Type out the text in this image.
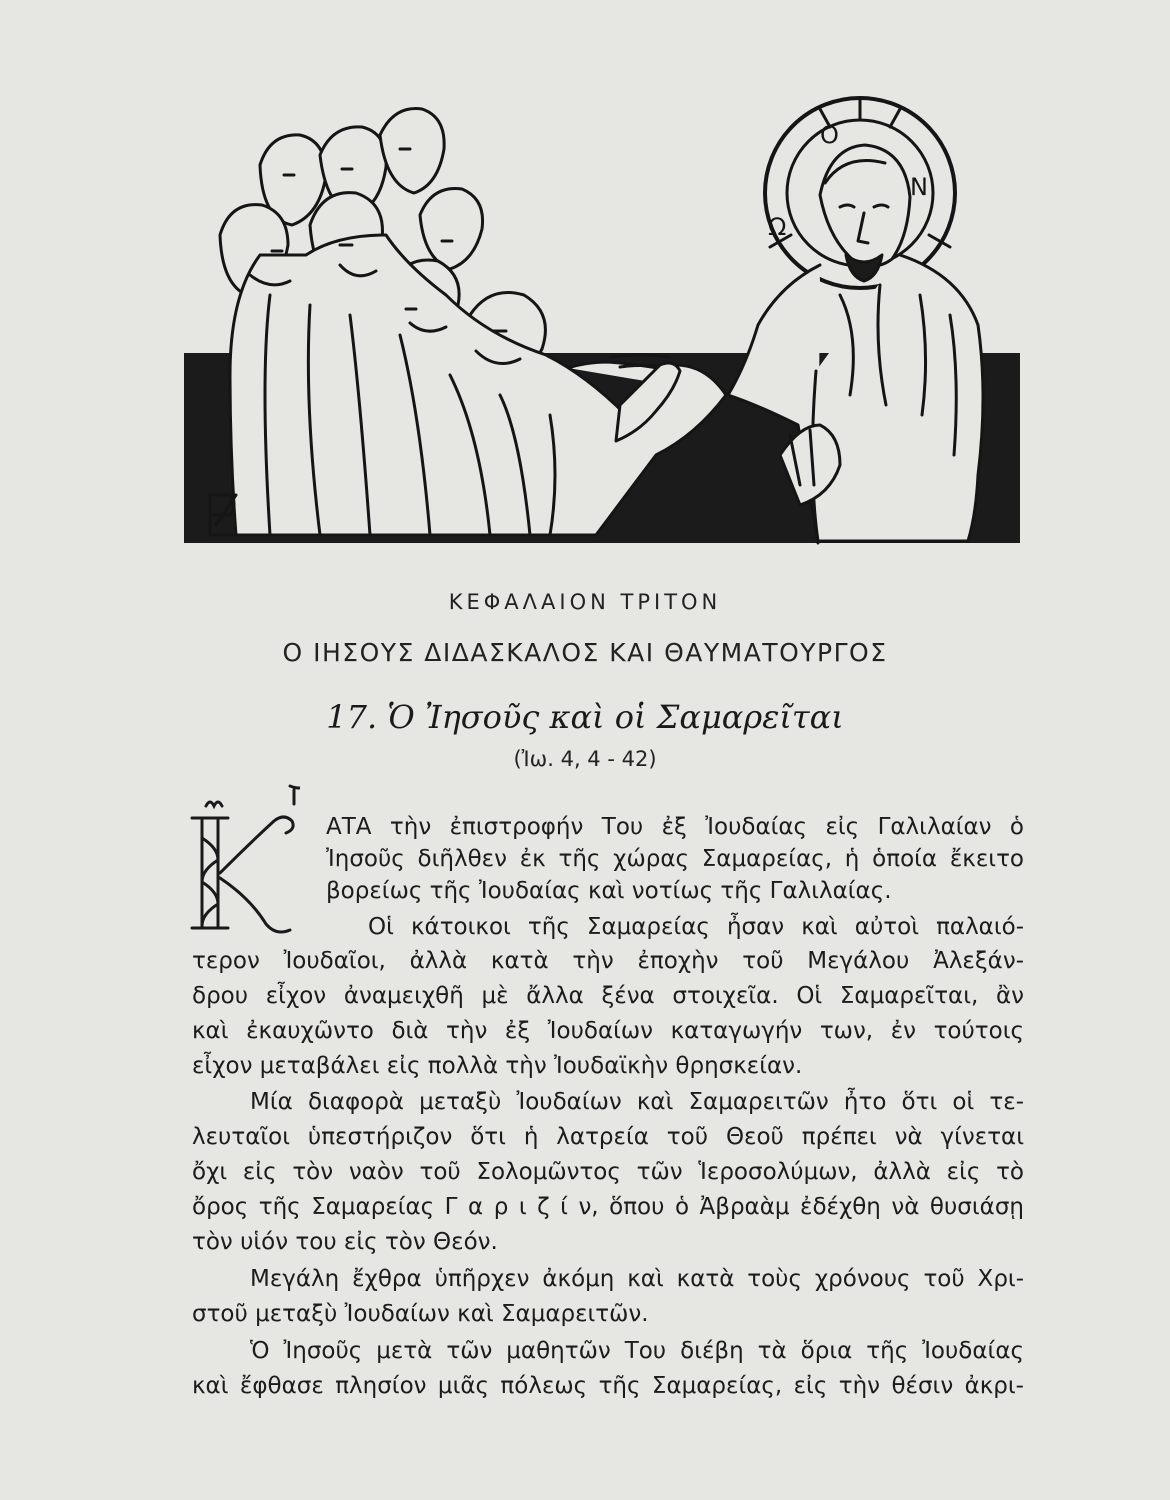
Ο
Ω
Ν
ΚΕΦΑΛΑΙΟΝ ΤΡΙΤΟΝ
Ο ΙΗΣΟΥΣ ΔΙΔΑΣΚΑΛΟΣ ΚΑΙ ΘΑΥΜΑΤΟΥΡΓΟΣ
17. Ὁ Ἰησοῦς καὶ οἱ Σαμαρεῖται
(Ἰω. 4, 4 - 42)
Κ
ΑΤΑ τὴν ἐπιστροφήν Του ἐξ Ἰουδαίας εἰς Γαλιλαίαν ὁ
Ἰησοῦς διῆλθεν ἐκ τῆς χώρας Σαμαρείας, ἡ ὁποία ἔκειτο
βορείως τῆς Ἰουδαίας καὶ νοτίως τῆς Γαλιλαίας.
Οἱ κάτοικοι τῆς Σαμαρείας ἦσαν καὶ αὐτοὶ παλαιό-
τερον Ἰουδαῖοι, ἀλλὰ κατὰ τὴν ἐποχὴν τοῦ Μεγάλου Ἀλεξάν-
δρου εἶχον ἀναμειχθῆ μὲ ἄλλα ξένα στοιχεῖα. Οἱ Σαμαρεῖται, ἂν
καὶ ἐκαυχῶντο διὰ τὴν ἐξ Ἰουδαίων καταγωγήν των, ἐν τούτοις
εἶχον μεταβάλει εἰς πολλὰ τὴν Ἰουδαϊκὴν θρησκείαν.
Μία διαφορὰ μεταξὺ Ἰουδαίων καὶ Σαμαρειτῶν ἦτο ὅτι οἱ τε-
λευταῖοι ὑπεστήριζον ὅτι ἡ λατρεία τοῦ Θεοῦ πρέπει νὰ γίνεται
ὄχι εἰς τὸν ναὸν τοῦ Σολομῶντος τῶν Ἱεροσολύμων, ἀλλὰ εἰς τὸ
ὄρος τῆς Σαμαρείας Γ α ρ ι ζ ί ν, ὅπου ὁ Ἀβραὰμ ἐδέχθη νὰ θυσιάσῃ
τὸν υἱόν του εἰς τὸν Θεόν.
Μεγάλη ἔχθρα ὑπῆρχεν ἀκόμη καὶ κατὰ τοὺς χρόνους τοῦ Χρι-
στοῦ μεταξὺ Ἰουδαίων καὶ Σαμαρειτῶν.
Ὁ Ἰησοῦς μετὰ τῶν μαθητῶν Του διέβη τὰ ὅρια τῆς Ἰουδαίας
καὶ ἔφθασε πλησίον μιᾶς πόλεως τῆς Σαμαρείας, εἰς τὴν θέσιν ἀκρι-
